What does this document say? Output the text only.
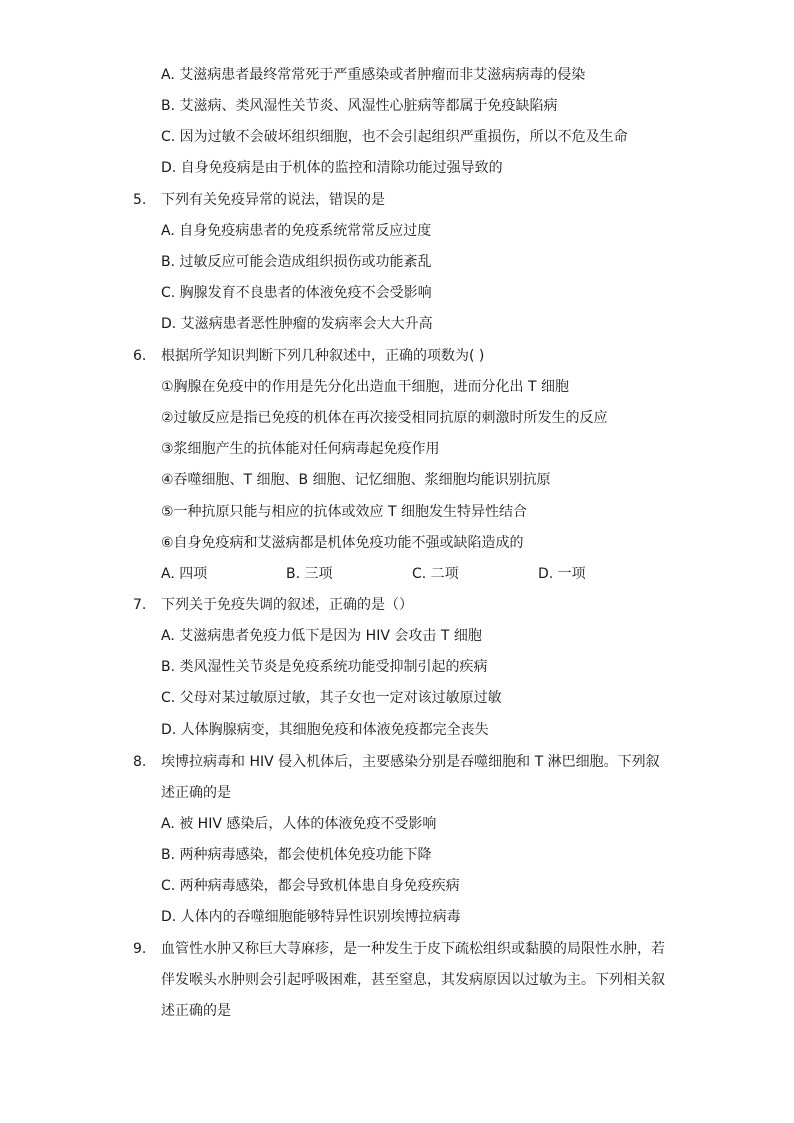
A. 艾滋病患者最终常常死于严重感染或者肿瘤而非艾滋病病毒的侵染
B. 艾滋病、类风湿性关节炎、风湿性心脏病等都属于免疫缺陷病
C. 因为过敏不会破坏组织细胞，也不会引起组织严重损伤，所以不危及生命
D. 自身免疫病是由于机体的监控和清除功能过强导致的
5. 下列有关免疫异常的说法，错误的是
A. 自身免疫病患者的免疫系统常常反应过度
B. 过敏反应可能会造成组织损伤或功能紊乱
C. 胸腺发育不良患者的体液免疫不会受影响
D. 艾滋病患者恶性肿瘤的发病率会大大升高
6. 根据所学知识判断下列几种叙述中，正确的项数为( )
①胸腺在免疫中的作用是先分化出造血干细胞，进而分化出 T 细胞
②过敏反应是指已免疫的机体在再次接受相同抗原的刺激时所发生的反应
③浆细胞产生的抗体能对任何病毒起免疫作用
④吞噬细胞、T 细胞、B 细胞、记忆细胞、浆细胞均能识别抗原
⑤一种抗原只能与相应的抗体或效应 T 细胞发生特异性结合
⑥自身免疫病和艾滋病都是机体免疫功能不强或缺陷造成的
A. 四项	B. 三项	C. 二项	D. 一项
7. 下列关于免疫失调的叙述，正确的是（）
A. 艾滋病患者免疫力低下是因为 HIV 会攻击 T 细胞
B. 类风湿性关节炎是免疫系统功能受抑制引起的疾病
C. 父母对某过敏原过敏，其子女也一定对该过敏原过敏
D. 人体胸腺病变，其细胞免疫和体液免疫都完全丧失
8. 埃博拉病毒和 HIV 侵入机体后，主要感染分别是吞噬细胞和 T 淋巴细胞。下列叙
述正确的是
A. 被 HIV 感染后，人体的体液免疫不受影响
B. 两种病毒感染，都会使机体免疫功能下降
C. 两种病毒感染，都会导致机体患自身免疫疾病
D. 人体内的吞噬细胞能够特异性识别埃博拉病毒
9. 血管性水肿又称巨大荨麻疹，是一种发生于皮下疏松组织或黏膜的局限性水肿，若
伴发喉头水肿则会引起呼吸困难，甚至窒息，其发病原因以过敏为主。下列相关叙
述正确的是
